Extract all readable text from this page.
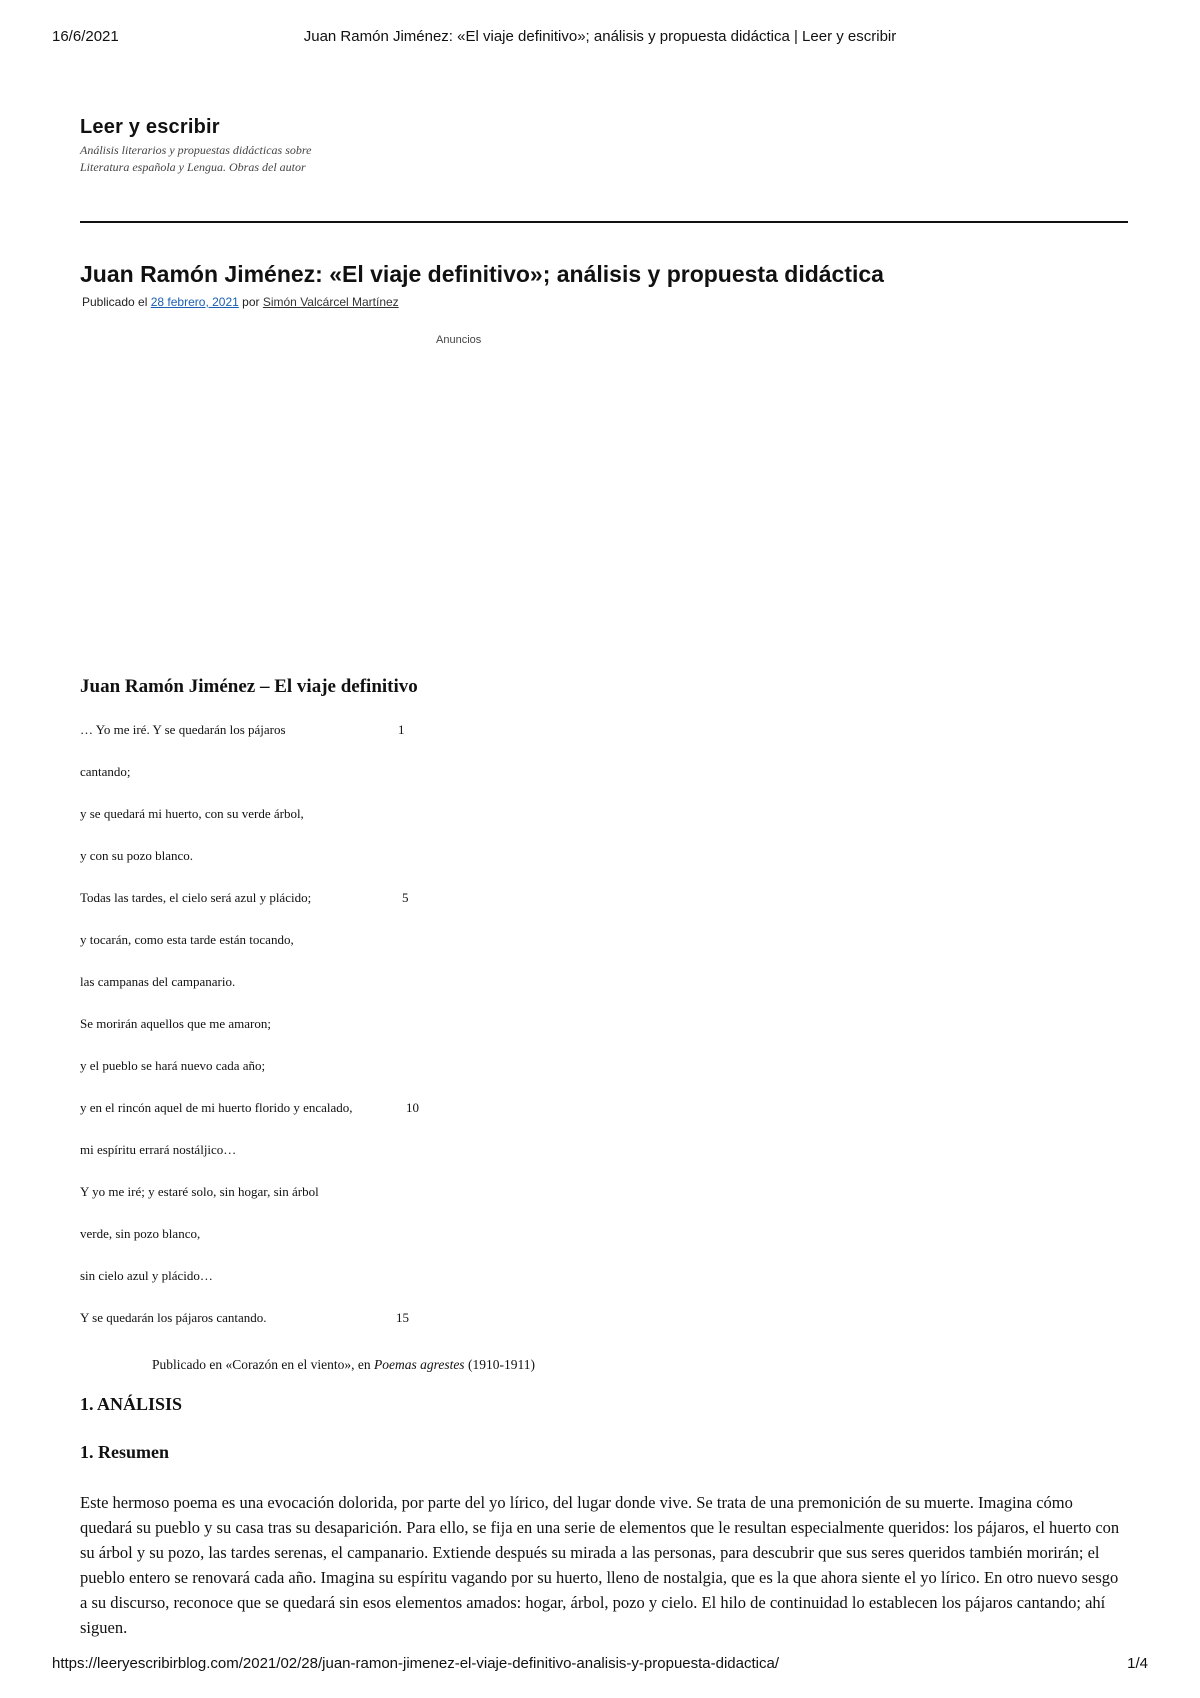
16/6/2021	Juan Ramón Jiménez: «El viaje definitivo»; análisis y propuesta didáctica | Leer y escribir
Leer y escribir
Análisis literarios y propuestas didácticas sobre Literatura española y Lengua. Obras del autor
Juan Ramón Jiménez: «El viaje definitivo»; análisis y propuesta didáctica
Publicado el 28 febrero, 2021 por Simón Valcárcel Martínez
Anuncios
Juan Ramón Jiménez – El viaje definitivo
… Yo me iré. Y se quedarán los pájaros	1
cantando;
y se quedará mi huerto, con su verde árbol,
y con su pozo blanco.
Todas las tardes, el cielo será azul y plácido;	5
y tocarán, como esta tarde están tocando,
las campanas del campanario.
Se morirán aquellos que me amaron;
y el pueblo se hará nuevo cada año;
y en el rincón aquel de mi huerto florido y encalado,	10
mi espíritu errará nostáljico…
Y yo me iré; y estaré solo, sin hogar, sin árbol
verde, sin pozo blanco,
sin cielo azul y plácido…
Y se quedarán los pájaros cantando.	15
Publicado en «Corazón en el viento», en Poemas agrestes (1910-1911)
1. ANÁLISIS
1. Resumen
Este hermoso poema es una evocación dolorida, por parte del yo lírico, del lugar donde vive. Se trata de una premonición de su muerte. Imagina cómo quedará su pueblo y su casa tras su desaparición. Para ello, se fija en una serie de elementos que le resultan especialmente queridos: los pájaros, el huerto con su árbol y su pozo, las tardes serenas, el campanario. Extiende después su mirada a las personas, para descubrir que sus seres queridos también morirán; el pueblo entero se renovará cada año. Imagina su espíritu vagando por su huerto, lleno de nostalgia, que es la que ahora siente el yo lírico. En otro nuevo sesgo a su discurso, reconoce que se quedará sin esos elementos amados: hogar, árbol, pozo y cielo. El hilo de continuidad lo establecen los pájaros cantando; ahí siguen.
https://leeryescribirblog.com/2021/02/28/juan-ramon-jimenez-el-viaje-definitivo-analisis-y-propuesta-didactica/	1/4
